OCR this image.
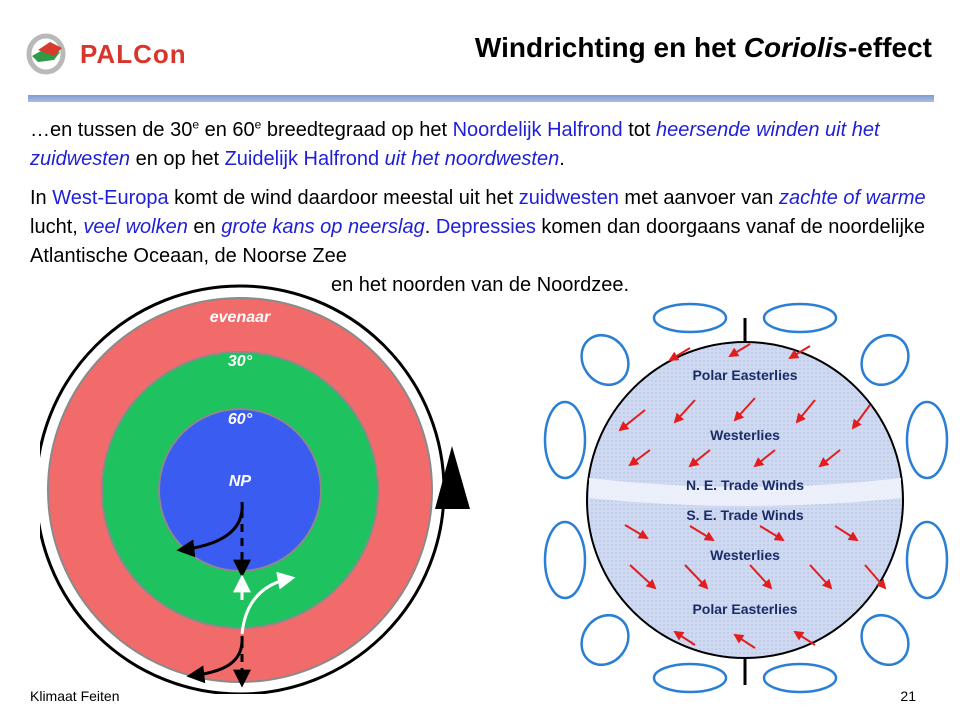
PALCon	Windrichting en het Coriolis-effect
…en tussen de 30e en 60e breedtegraad op het Noordelijk Halfrond tot heersende winden uit het zuidwesten en op het Zuidelijk Halfrond uit het noordwesten.
In West-Europa komt de wind daardoor meestal uit het zuidwesten met aanvoer van zachte of warme lucht, veel wolken en grote kans op neerslag. Depressies komen dan doorgaans vanaf de noordelijke Atlantische Oceaan, de Noorse Zee
en het noorden van de Noordzee.
evenaar
30°
60°
NP
Polar Easterlies
Westerlies
N. E. Trade Winds
S. E. Trade Winds
Westerlies
Polar Easterlies
Klimaat Feiten	21
